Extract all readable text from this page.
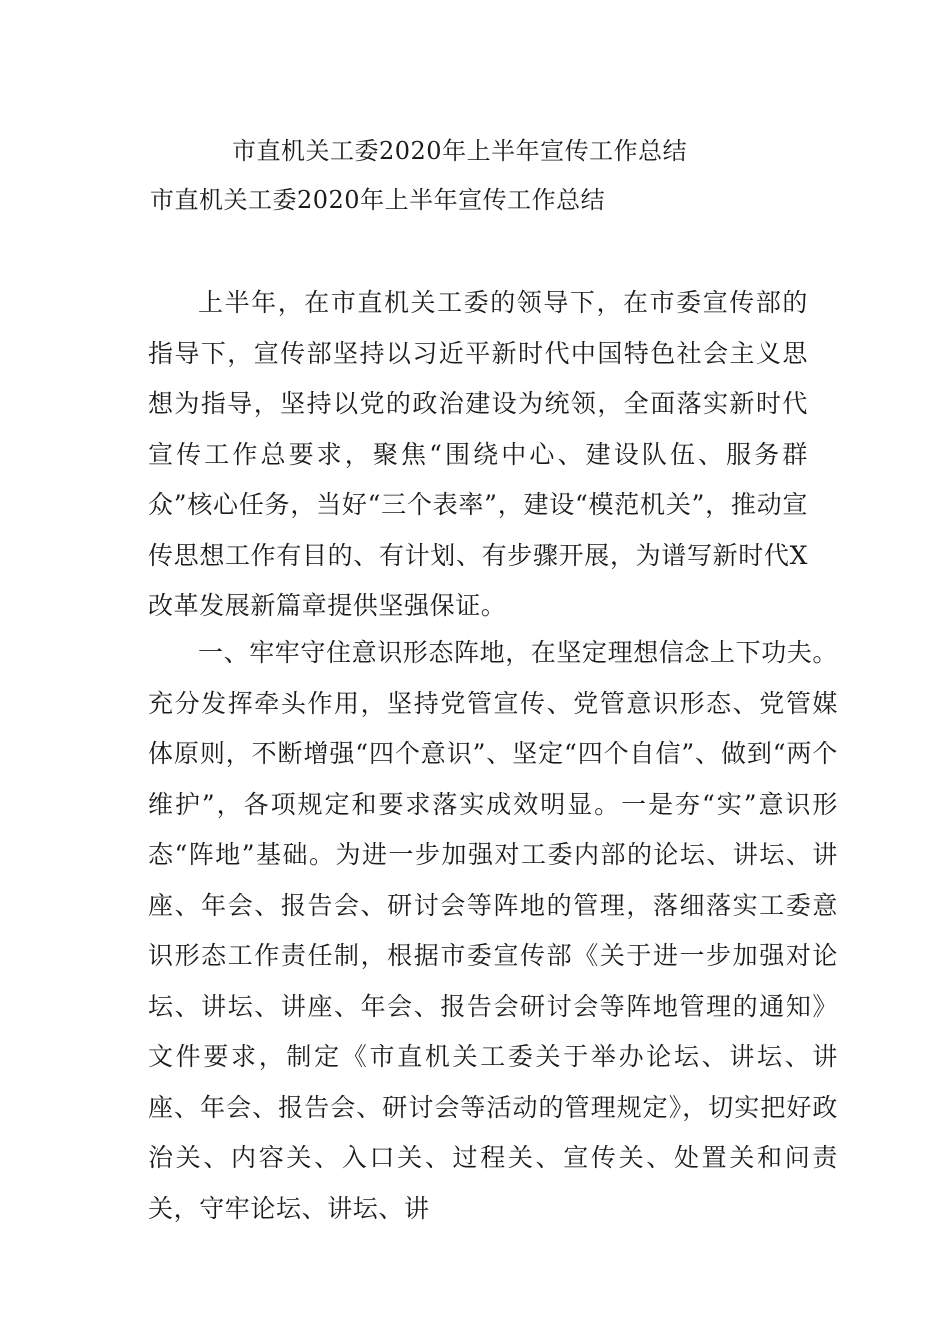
市直机关工委2020年上半年宣传工作总结
市直机关工委2020年上半年宣传工作总结

上半年，在市直机关工委的领导下，在市委宣传部的指导下，宣传部坚持以习近平新时代中国特色社会主义思想为指导，坚持以党的政治建设为统领，全面落实新时代宣传工作总要求，聚焦“围绕中心、建设队伍、服务群众”核心任务，当好“三个表率”，建设“模范机关”，推动宣传思想工作有目的、有计划、有步骤开展，为谱写新时代X改革发展新篇章提供坚强保证。

一、牢牢守住意识形态阵地，在坚定理想信念上下功夫。充分发挥牵头作用，坚持党管宣传、党管意识形态、党管媒体原则，不断增强“四个意识”、坚定“四个自信”、做到“两个维护”，各项规定和要求落实成效明显。一是夯“实”意识形态“阵地”基础。为进一步加强对工委内部的论坛、讲坛、讲座、年会、报告会、研讨会等阵地的管理，落细落实工委意识形态工作责任制，根据市委宣传部《关于进一步加强对论坛、讲坛、讲座、年会、报告会研讨会等阵地管理的通知》文件要求，制定《市直机关工委关于举办论坛、讲坛、讲座、年会、报告会、研讨会等活动的管理规定》，切实把好政治关、内容关、入口关、过程关、宣传关、处置关和问责关，守牢论坛、讲坛、讲
